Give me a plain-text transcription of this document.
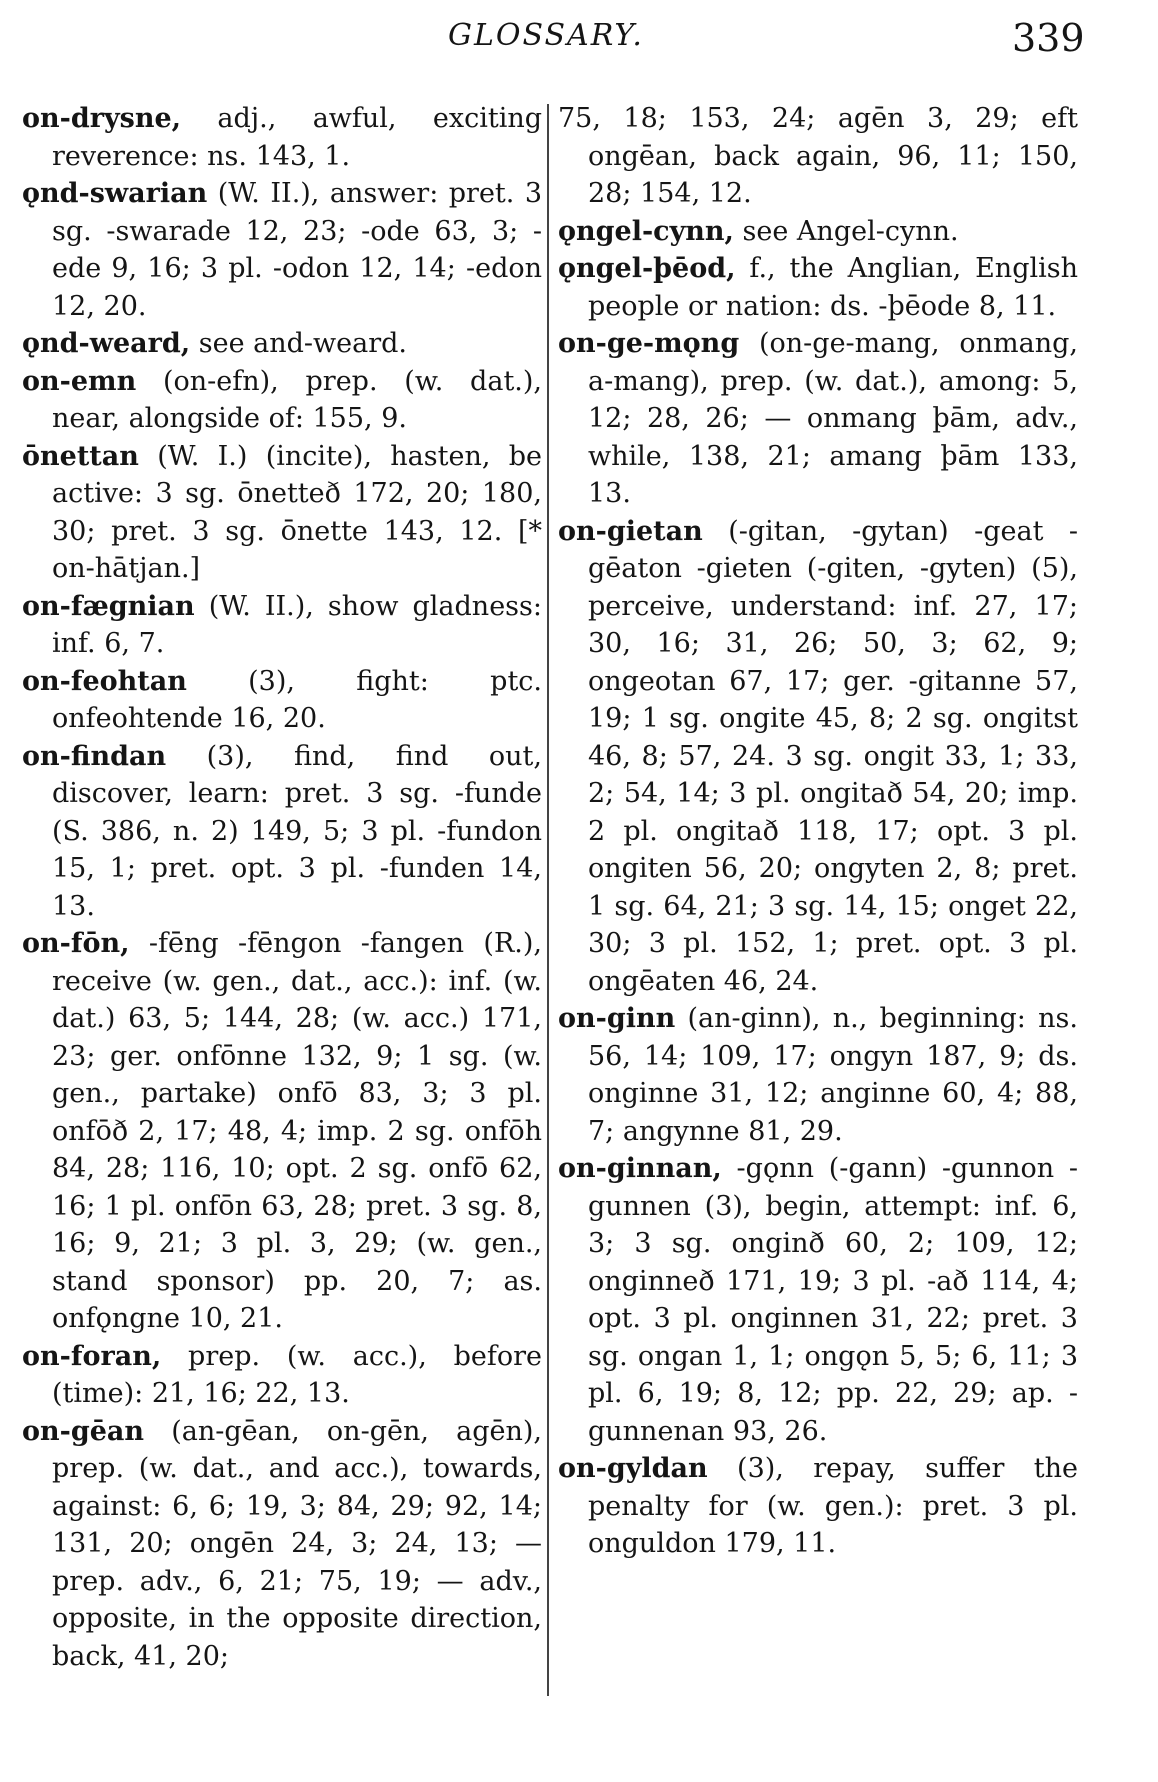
GLOSSARY.	339
on-drysne, adj., awful, exciting reverence: ns. 143, 1.
ǫnd-swarian (W. II.), answer: pret. 3 sg. -swarade 12, 23; -ode 63, 3; -ede 9, 16; 3 pl. -odon 12, 14; -edon 12, 20.
ǫnd-weard, see and-weard.
on-emn (on-efn), prep. (w. dat.), near, alongside of: 155, 9.
ōnettan (W. I.) (incite), hasten, be active: 3 sg. ōnetteð 172, 20; 180, 30; pret. 3 sg. ōnette 143, 12. [* on-hātjan.]
on-fægnian (W. II.), show gladness: inf. 6, 7.
on-feohtan (3), fight: ptc. onfeohtende 16, 20.
on-findan (3), find, find out, discover, learn: pret. 3 sg. -funde (S. 386, n. 2) 149, 5; 3 pl. -fundon 15, 1; pret. opt. 3 pl. -funden 14, 13.
on-fōn, -fēng -fēngon -fangen (R.), receive (w. gen., dat., acc.): inf. (w. dat.) 63, 5; 144, 28; (w. acc.) 171, 23; ger. onfōnne 132, 9; 1 sg. (w. gen., partake) onfō 83, 3; 3 pl. onfōð 2, 17; 48, 4; imp. 2 sg. onfōh 84, 28; 116, 10; opt. 2 sg. onfō 62, 16; 1 pl. onfōn 63, 28; pret. 3 sg. 8, 16; 9, 21; 3 pl. 3, 29; (w. gen., stand sponsor) pp. 20, 7; as. onfǫngne 10, 21.
on-foran, prep. (w. acc.), before (time): 21, 16; 22, 13.
on-gēan (an-gēan, on-gēn, agēn), prep. (w. dat., and acc.), towards, against: 6, 6; 19, 3; 84, 29; 92, 14; 131, 20; ongēn 24, 3; 24, 13; — prep. adv., 6, 21; 75, 19; — adv., opposite, in the opposite direction, back, 41, 20;
75, 18; 153, 24; agēn 3, 29; eft ongēan, back again, 96, 11; 150, 28; 154, 12.
ǫngel-cynn, see Angel-cynn.
ǫngel-þēod, f., the Anglian, English people or nation: ds. -þēode 8, 11.
on-ge-mǫng (on-ge-mang, onmang, a-mang), prep. (w. dat.), among: 5, 12; 28, 26; — onmang þām, adv., while, 138, 21; amang þām 133, 13.
on-gietan (-gitan, -gytan) -geat -gēaton -gieten (-giten, -gyten) (5), perceive, understand: inf. 27, 17; 30, 16; 31, 26; 50, 3; 62, 9; ongeotan 67, 17; ger. -gitanne 57, 19; 1 sg. ongite 45, 8; 2 sg. ongitst 46, 8; 57, 24. 3 sg. ongit 33, 1; 33, 2; 54, 14; 3 pl. ongitað 54, 20; imp. 2 pl. ongitað 118, 17; opt. 3 pl. ongiten 56, 20; ongyten 2, 8; pret. 1 sg. 64, 21; 3 sg. 14, 15; onget 22, 30; 3 pl. 152, 1; pret. opt. 3 pl. ongēaten 46, 24.
on-ginn (an-ginn), n., beginning: ns. 56, 14; 109, 17; ongyn 187, 9; ds. onginne 31, 12; anginne 60, 4; 88, 7; angynne 81, 29.
on-ginnan, -gǫnn (-gann) -gunnon -gunnen (3), begin, attempt: inf. 6, 3; 3 sg. onginð 60, 2; 109, 12; onginneð 171, 19; 3 pl. -að 114, 4; opt. 3 pl. onginnen 31, 22; pret. 3 sg. ongan 1, 1; ongǫn 5, 5; 6, 11; 3 pl. 6, 19; 8, 12; pp. 22, 29; ap. -gunnenan 93, 26.
on-gyldan (3), repay, suffer the penalty for (w. gen.): pret. 3 pl. onguldon 179, 11.
